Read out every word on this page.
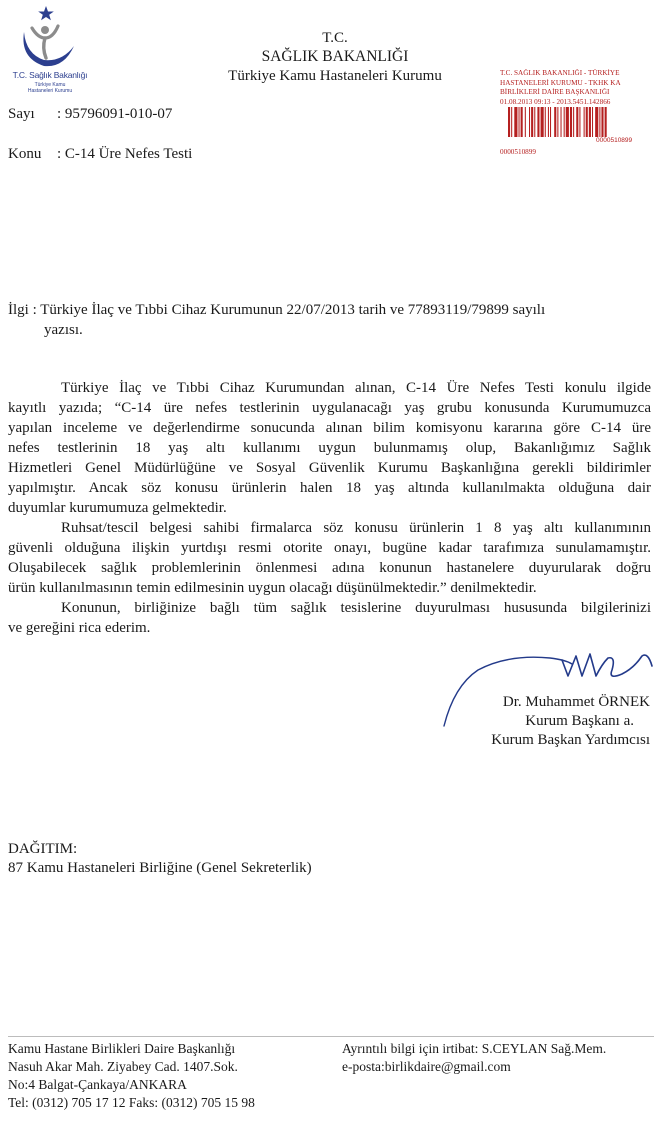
T.C. Sağlık Bakanlığı
Türkiye Kamu
Hastaneleri Kurumu
T.C.
SAĞLIK BAKANLIĞI
Türkiye Kamu Hastaneleri Kurumu	T.C. SAĞLIK BAKANLIĞI - TÜRKİYE
HASTANELERİ KURUMU - TKHK KA
BİRLİKLERİ DAİRE BAŞKANLIĞI
01.08.2013 09:13 - 2013.5451.142866
0000510899
0000510899
Sayı : 95796091-010-07
Konu : C-14 Üre Nefes Testi
İlgi : Türkiye İlaç ve Tıbbi Cihaz Kurumunun 22/07/2013 tarih ve 77893119/79899 sayılı
yazısı.
Türkiye İlaç ve Tıbbi Cihaz Kurumundan alınan, C-14 Üre Nefes Testi konulu ilgide
kayıtlı yazıda; “C-14 üre nefes testlerinin uygulanacağı yaş grubu konusunda Kurumumuzca
yapılan inceleme ve değerlendirme sonucunda alınan bilim komisyonu kararına göre C-14 üre
nefes testlerinin 18 yaş altı kullanımı uygun bulunmamış olup, Bakanlığımız Sağlık
Hizmetleri Genel Müdürlüğüne ve Sosyal Güvenlik Kurumu Başkanlığına gerekli bildirimler
yapılmıştır. Ancak söz konusu ürünlerin halen 18 yaş altında kullanılmakta olduğuna dair
duyumlar kurumumuza gelmektedir.
Ruhsat/tescil belgesi sahibi firmalarca söz konusu ürünlerin 1 8 yaş altı kullanımının
güvenli olduğuna ilişkin yurtdışı resmi otorite onayı, bugüne kadar tarafımıza sunulamamıştır.
Oluşabilecek sağlık problemlerinin önlenmesi adına konunun hastanelere duyurularak doğru
ürün kullanılmasının temin edilmesinin uygun olacağı düşünülmektedir.” denilmektedir.
Konunun, birliğinize bağlı tüm sağlık tesislerine duyurulması hususunda bilgilerinizi
ve gereğini rica ederim.
Dr. Muhammet ÖRNEK
Kurum Başkanı a.
Kurum Başkan Yardımcısı
DAĞITIM:
87 Kamu Hastaneleri Birliğine (Genel Sekreterlik)
Kamu Hastane Birlikleri Daire Başkanlığı
Nasuh Akar Mah. Ziyabey Cad. 1407.Sok.
No:4 Balgat-Çankaya/ANKARA
Tel: (0312) 705 17 12 Faks: (0312) 705 15 98
Ayrıntılı bilgi için irtibat: S.CEYLAN Sağ.Mem.
e-posta:birlikdaire@gmail.com
